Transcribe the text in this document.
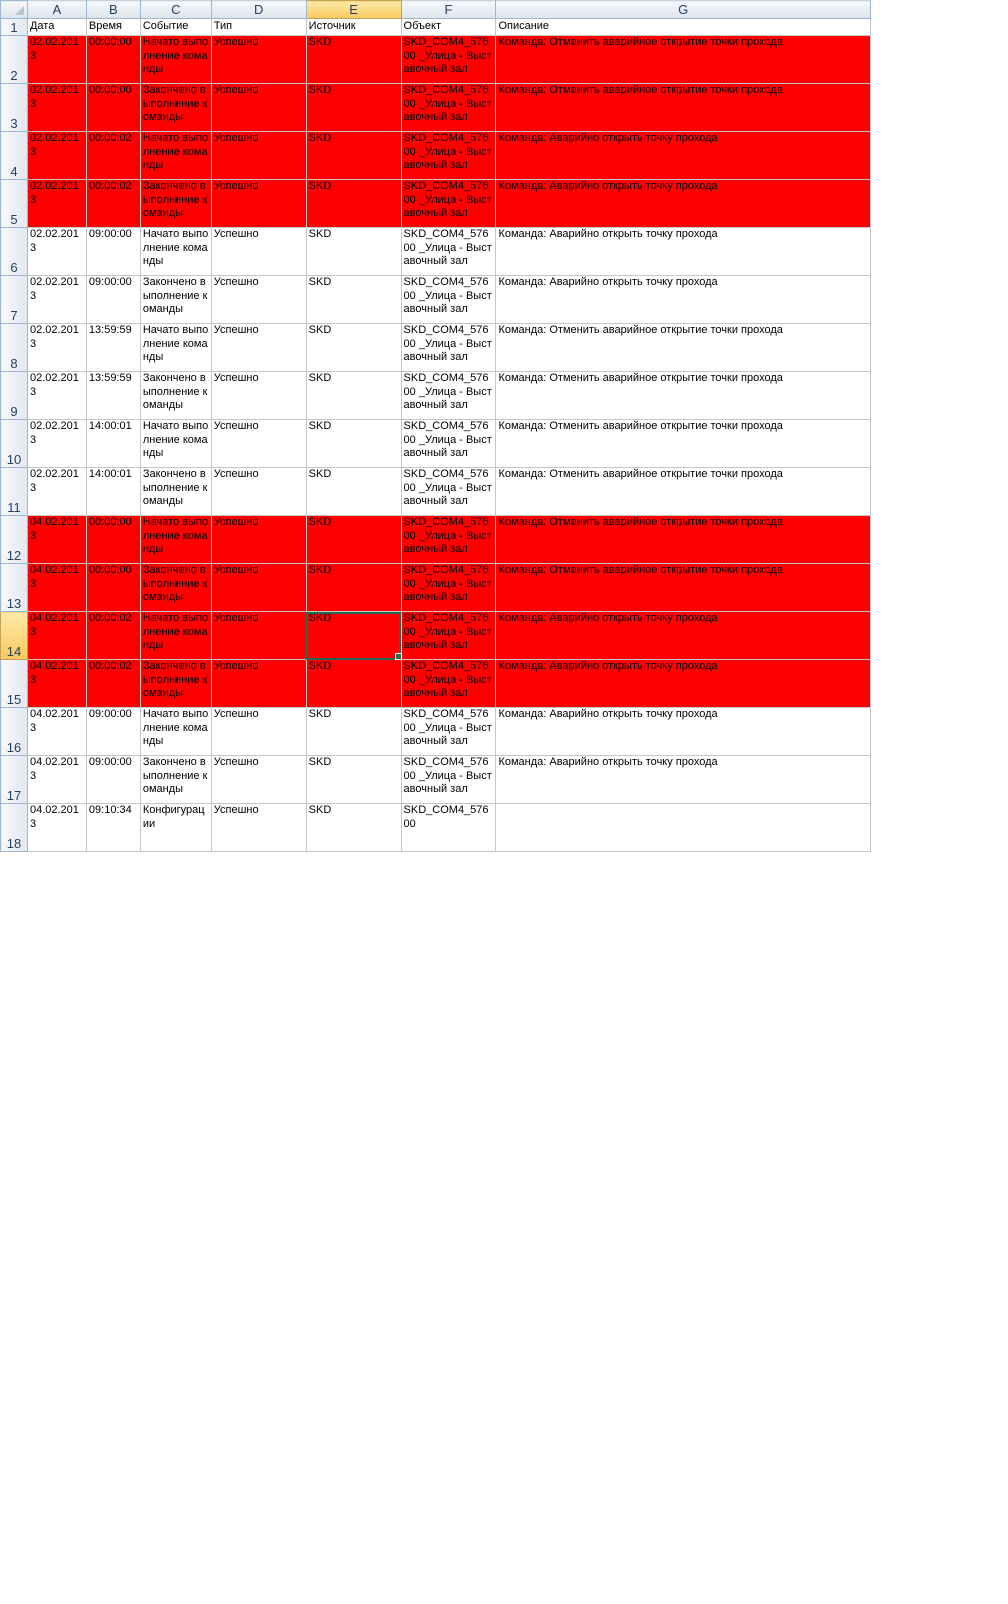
	A	B	C	D	E	F	G
1	Дата	Время	Событие	Тип	Источник	Объект	Описание
2	02.02.2013	00:00:00	Начато выполнение команды	Успешно	SKD	SKD_COM4_57600 _Улица - Выставочный зал	Команда: Отменить аварийное открытие точки прохода
3	02.02.2013	00:00:00	Закончено выполнение команды	Успешно	SKD	SKD_COM4_57600 _Улица - Выставочный зал	Команда: Отменить аварийное открытие точки прохода
4	02.02.2013	00:00:02	Начато выполнение команды	Успешно	SKD	SKD_COM4_57600 _Улица - Выставочный зал	Команда: Аварийно открыть точку прохода
5	02.02.2013	00:00:02	Закончено выполнение команды	Успешно	SKD	SKD_COM4_57600 _Улица - Выставочный зал	Команда: Аварийно открыть точку прохода
6	02.02.2013	09:00:00	Начато выполнение команды	Успешно	SKD	SKD_COM4_57600 _Улица - Выставочный зал	Команда: Аварийно открыть точку прохода
7	02.02.2013	09:00:00	Закончено выполнение команды	Успешно	SKD	SKD_COM4_57600 _Улица - Выставочный зал	Команда: Аварийно открыть точку прохода
8	02.02.2013	13:59:59	Начато выполнение команды	Успешно	SKD	SKD_COM4_57600 _Улица - Выставочный зал	Команда: Отменить аварийное открытие точки прохода
9	02.02.2013	13:59:59	Закончено выполнение команды	Успешно	SKD	SKD_COM4_57600 _Улица - Выставочный зал	Команда: Отменить аварийное открытие точки прохода
10	02.02.2013	14:00:01	Начато выполнение команды	Успешно	SKD	SKD_COM4_57600 _Улица - Выставочный зал	Команда: Отменить аварийное открытие точки прохода
11	02.02.2013	14:00:01	Закончено выполнение команды	Успешно	SKD	SKD_COM4_57600 _Улица - Выставочный зал	Команда: Отменить аварийное открытие точки прохода
12	04.02.2013	00:00:00	Начато выполнение команды	Успешно	SKD	SKD_COM4_57600 _Улица - Выставочный зал	Команда: Отменить аварийное открытие точки прохода
13	04.02.2013	00:00:00	Закончено выполнение команды	Успешно	SKD	SKD_COM4_57600 _Улица - Выставочный зал	Команда: Отменить аварийное открытие точки прохода
14	04.02.2013	00:00:02	Начато выполнение команды	Успешно	SKD	SKD_COM4_57600 _Улица - Выставочный зал	Команда: Аварийно открыть точку прохода
15	04.02.2013	00:00:02	Закончено выполнение команды	Успешно	SKD	SKD_COM4_57600 _Улица - Выставочный зал	Команда: Аварийно открыть точку прохода
16	04.02.2013	09:00:00	Начато выполнение команды	Успешно	SKD	SKD_COM4_57600 _Улица - Выставочный зал	Команда: Аварийно открыть точку прохода
17	04.02.2013	09:00:00	Закончено выполнение команды	Успешно	SKD	SKD_COM4_57600 _Улица - Выставочный зал	Команда: Аварийно открыть точку прохода
18	04.02.2013	09:10:34	Конфигурации	Успешно	SKD	SKD_COM4_57600	
